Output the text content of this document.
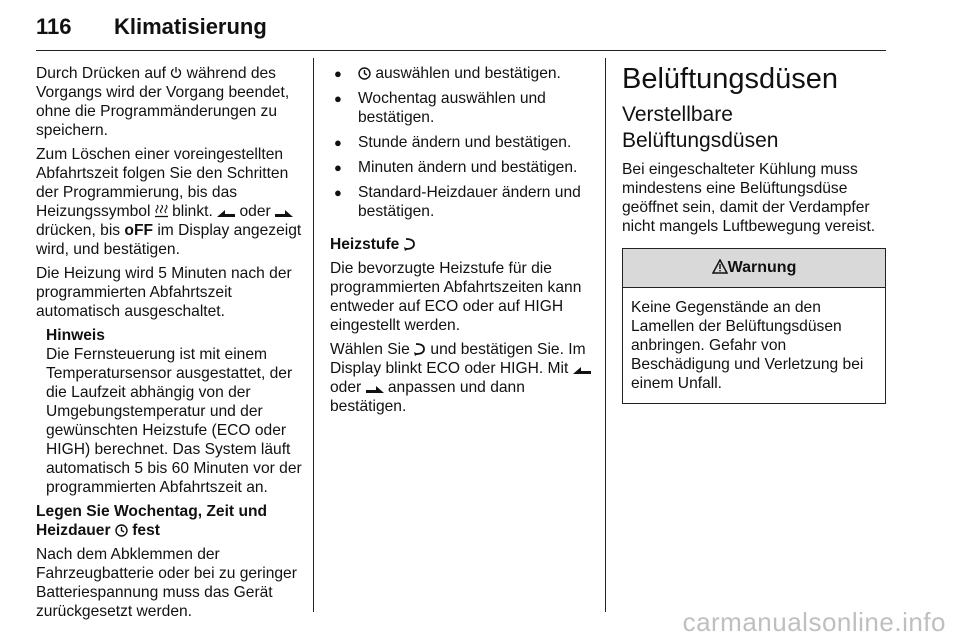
116 Klimatisierung

Durch Drücken auf  während des Vorgangs wird der Vorgang beendet, ohne die Programmänderungen zu speichern.

Zum Löschen einer voreingestellten Abfahrtszeit folgen Sie den Schritten der Programmierung, bis das Heizungssymbol  blinkt.  oder  drücken, bis oFF im Display angezeigt wird, und bestätigen.

Die Heizung wird 5 Minuten nach der programmierten Abfahrtszeit automatisch ausgeschaltet.

Hinweis

Die Fernsteuerung ist mit einem Temperatursensor ausgestattet, der die Laufzeit abhängig von der Umgebungstemperatur und der gewünschten Heizstufe (ECO oder HIGH) berechnet. Das System läuft automatisch 5 bis 60 Minuten vor der programmierten Abfahrtszeit an.

Legen Sie Wochentag, Zeit und Heizdauer  fest

Nach dem Abklemmen der Fahrzeugbatterie oder bei zu geringer Batteriespannung muss das Gerät zurückgesetzt werden.

● auswählen und bestätigen.
● Wochentag auswählen und bestätigen.
● Stunde ändern und bestätigen.
● Minuten ändern und bestätigen.
● Standard-Heizdauer ändern und bestätigen.

Heizstufe

Die bevorzugte Heizstufe für die programmierten Abfahrtszeiten kann entweder auf ECO oder auf HIGH eingestellt werden.

Wählen Sie  und bestätigen Sie. Im Display blinkt ECO oder HIGH. Mit  oder  anpassen und dann bestätigen.

Belüftungsdüsen
Verstellbare Belüftungsdüsen

Bei eingeschalteter Kühlung muss mindestens eine Belüftungsdüse geöffnet sein, damit der Verdampfer nicht mangels Luftbewegung vereist.

Warnung
Keine Gegenstände an den Lamellen der Belüftungsdüsen anbringen. Gefahr von Beschädigung und Verletzung bei einem Unfall.
carmanualsonline.info
